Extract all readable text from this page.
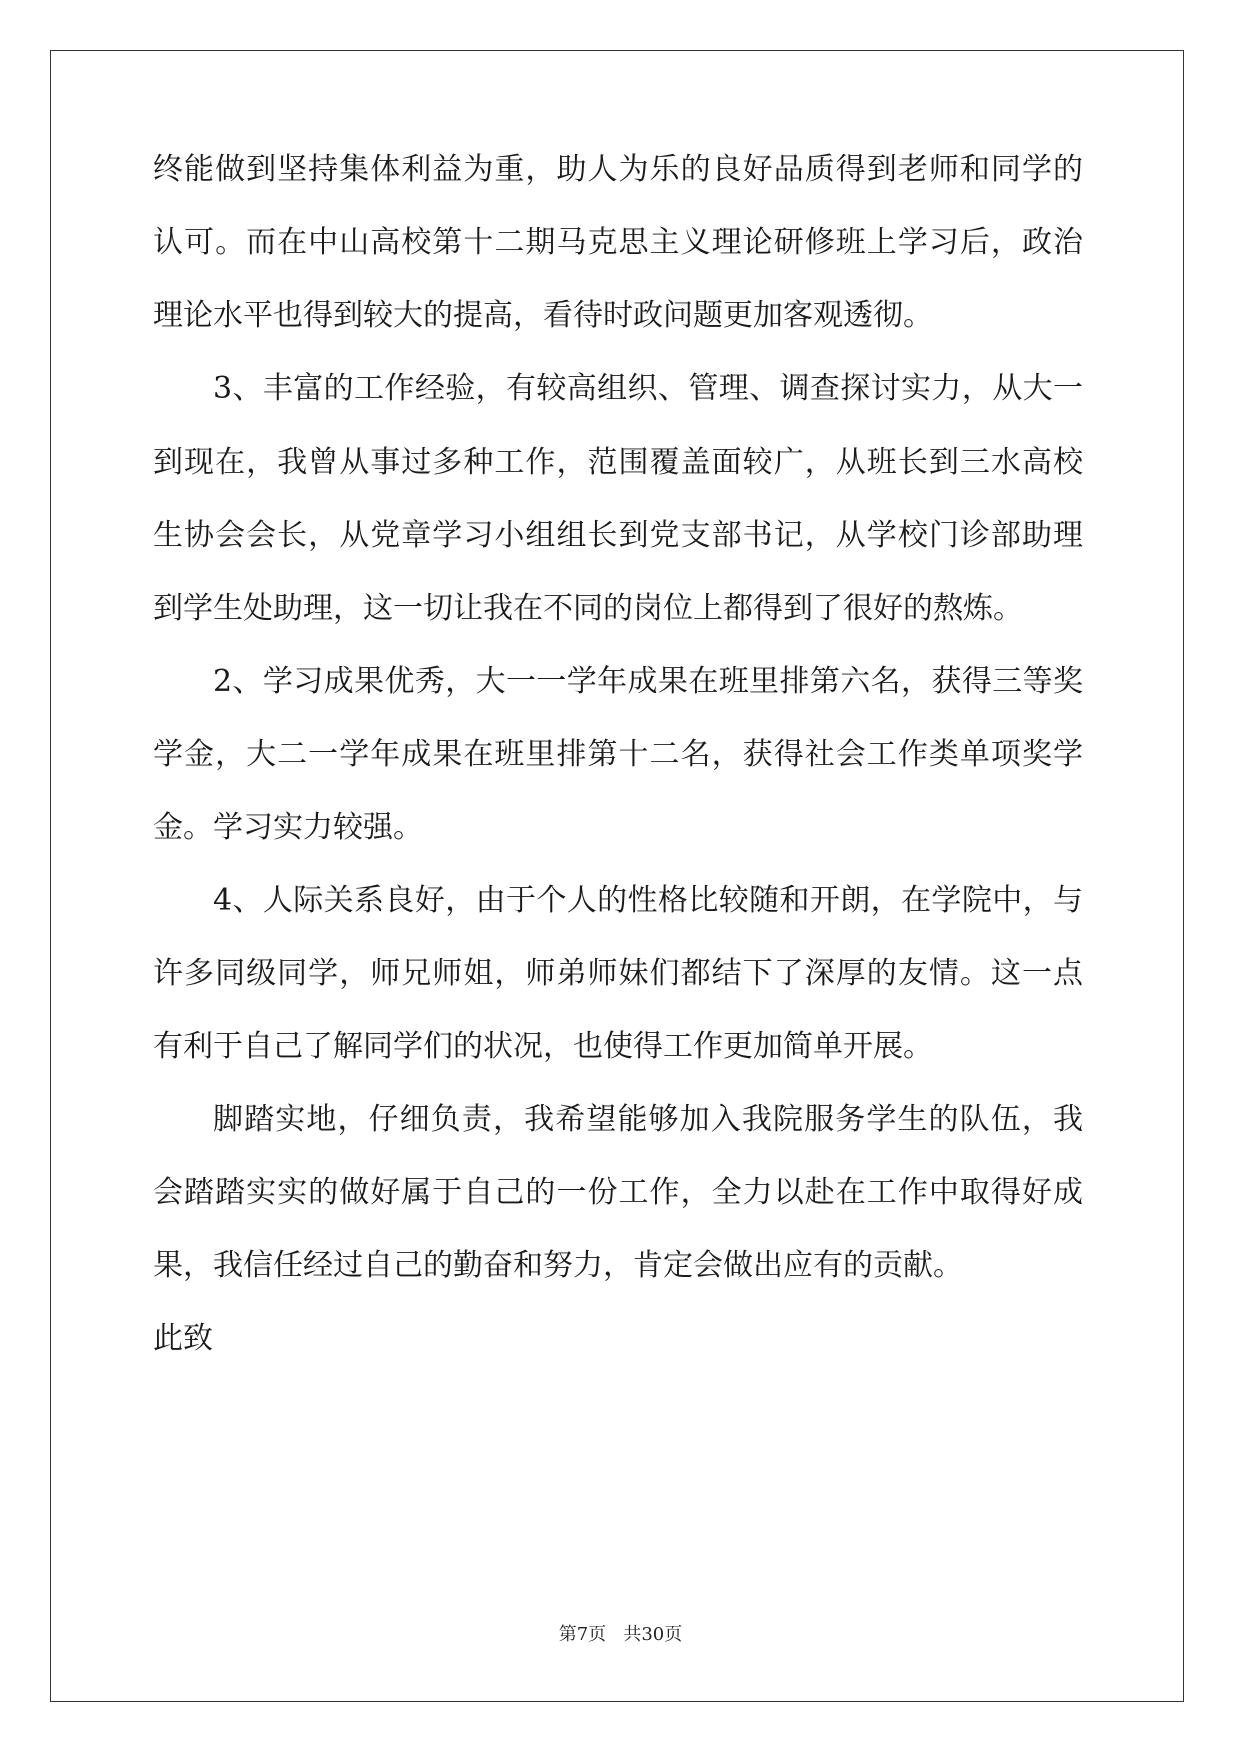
终能做到坚持集体利益为重，助人为乐的良好品质得到老师和同学的
认可。而在中山高校第十二期马克思主义理论研修班上学习后，政治
理论水平也得到较大的提高，看待时政问题更加客观透彻。
3、丰富的工作经验，有较高组织、管理、调查探讨实力，从大一
到现在，我曾从事过多种工作，范围覆盖面较广，从班长到三水高校
生协会会长，从党章学习小组组长到党支部书记，从学校门诊部助理
到学生处助理，这一切让我在不同的岗位上都得到了很好的熬炼。
2、学习成果优秀，大一一学年成果在班里排第六名，获得三等奖
学金，大二一学年成果在班里排第十二名，获得社会工作类单项奖学
金。学习实力较强。
4、人际关系良好，由于个人的性格比较随和开朗，在学院中，与
许多同级同学，师兄师姐，师弟师妹们都结下了深厚的友情。这一点
有利于自己了解同学们的状况，也使得工作更加简单开展。
脚踏实地，仔细负责，我希望能够加入我院服务学生的队伍，我
会踏踏实实的做好属于自己的一份工作，全力以赴在工作中取得好成
果，我信任经过自己的勤奋和努力，肯定会做出应有的贡献。
此致
第7页   共30页
